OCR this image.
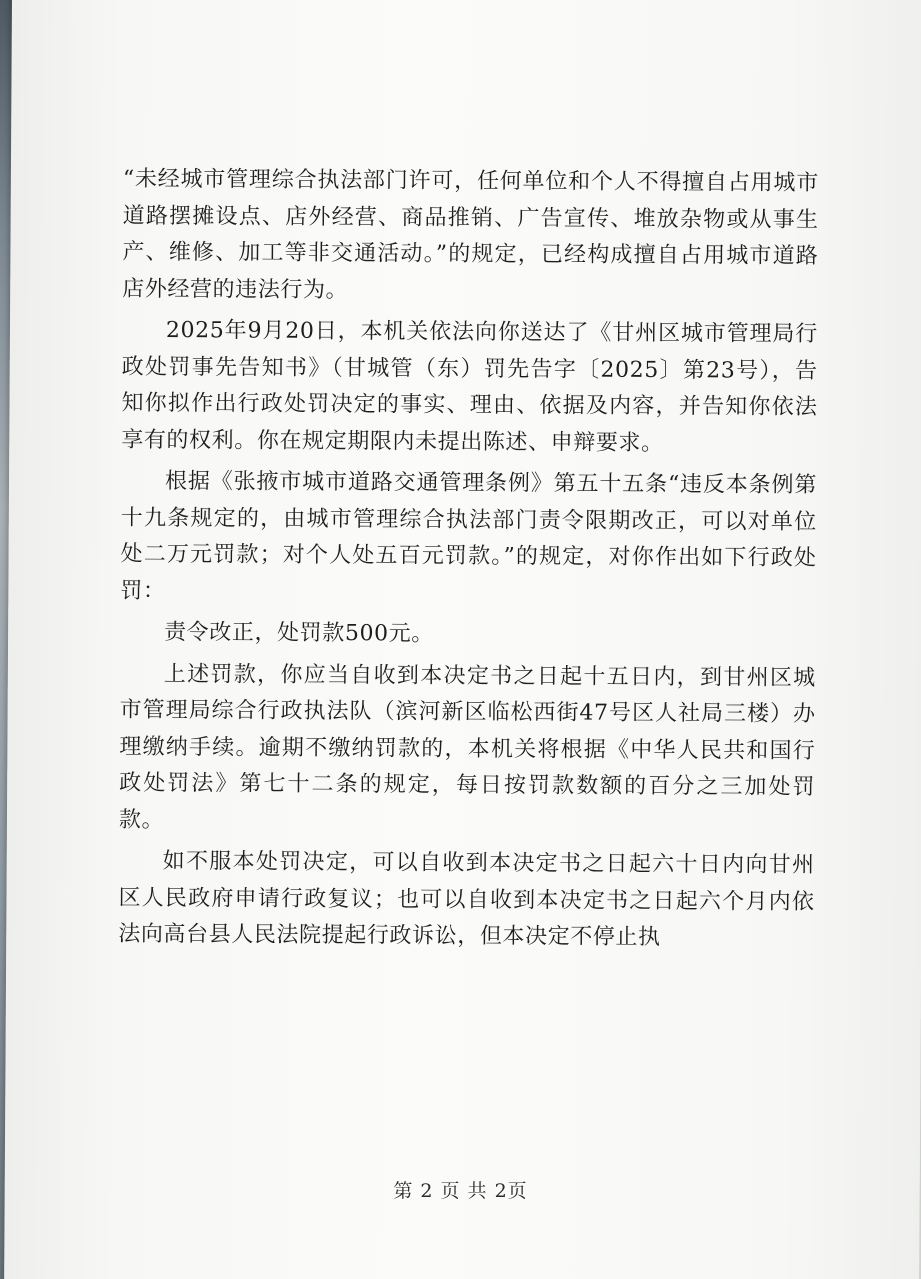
“未经城市管理综合执法部门许可，任何单位和个人不得擅自占用城市道路摆摊设点、店外经营、商品推销、广告宣传、堆放杂物或从事生产、维修、加工等非交通活动。”的规定，已经构成擅自占用城市道路店外经营的违法行为。

2025年9月20日，本机关依法向你送达了《甘州区城市管理局行政处罚事先告知书》（甘城管（东）罚先告字〔2025〕第23号），告知你拟作出行政处罚决定的事实、理由、依据及内容，并告知你依法享有的权利。你在规定期限内未提出陈述、申辩要求。

根据《张掖市城市道路交通管理条例》第五十五条“违反本条例第十九条规定的，由城市管理综合执法部门责令限期改正，可以对单位处二万元罚款；对个人处五百元罚款。”的规定，对你作出如下行政处罚：

责令改正，处罚款500元。

上述罚款，你应当自收到本决定书之日起十五日内，到甘州区城市管理局综合行政执法队（滨河新区临松西街47号区人社局三楼）办理缴纳手续。逾期不缴纳罚款的，本机关将根据《中华人民共和国行政处罚法》第七十二条的规定，每日按罚款数额的百分之三加处罚款。

如不服本处罚决定，可以自收到本决定书之日起六十日内向甘州区人民政府申请行政复议；也可以自收到本决定书之日起六个月内依法向高台县人民法院提起行政诉讼，但本决定不停止执

第 2 页 共 2页
